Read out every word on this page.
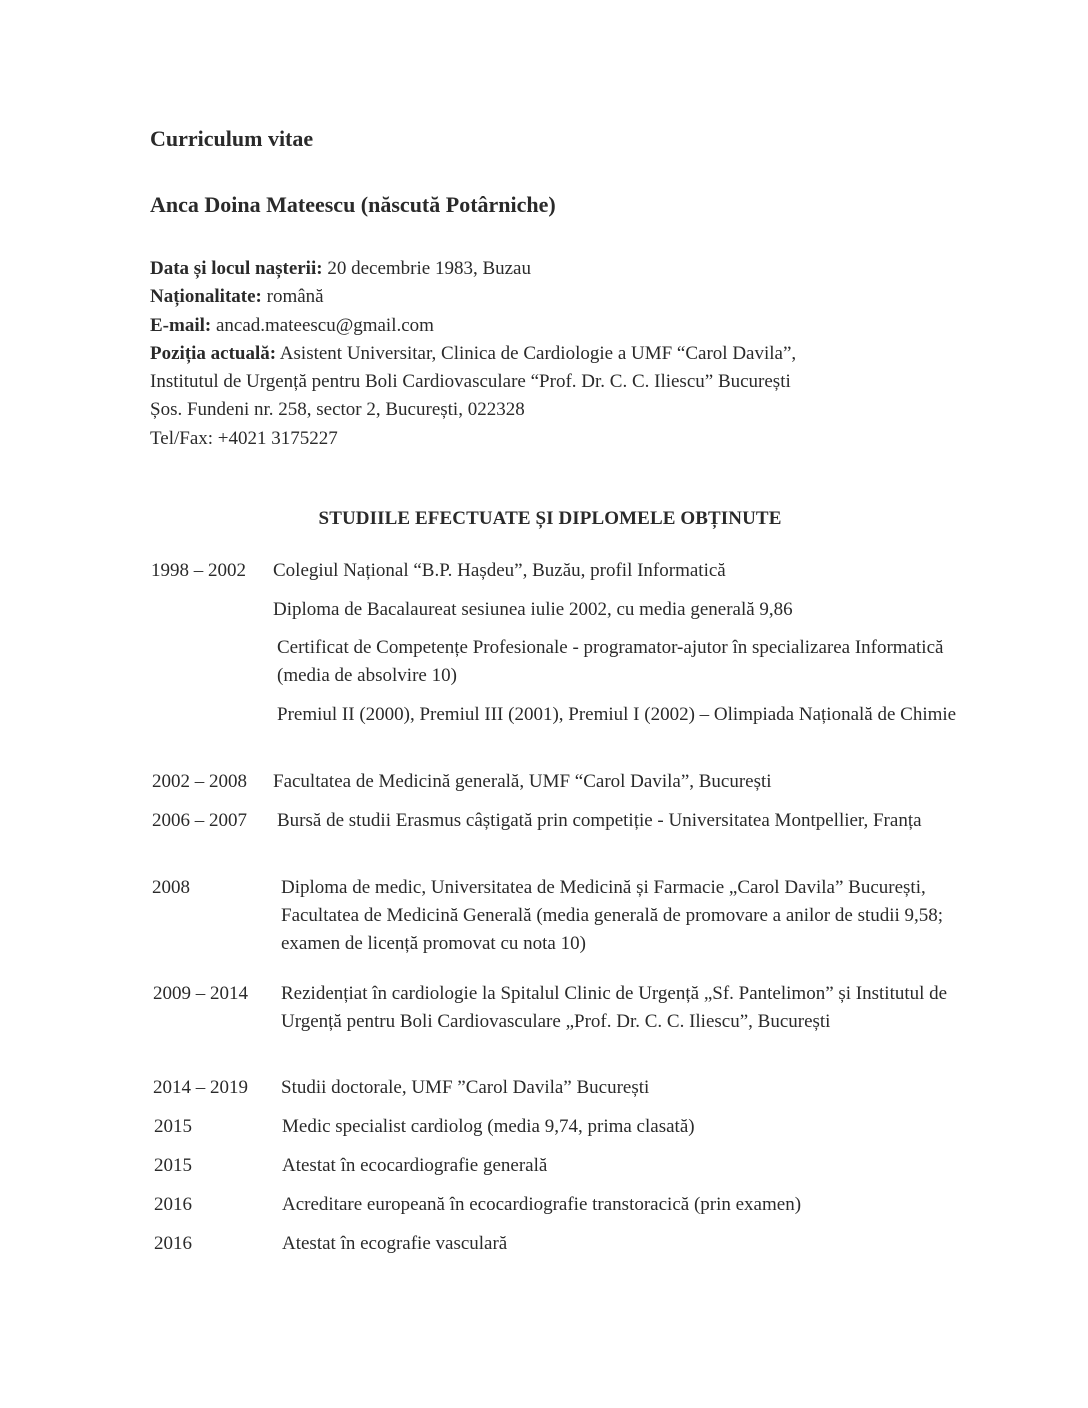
Curriculum vitae
Anca Doina Mateescu (născută Potârniche)
Data și locul nașterii: 20 decembrie 1983, Buzau
Naționalitate: română
E-mail: ancad.mateescu@gmail.com
Poziția actuală: Asistent Universitar, Clinica de Cardiologie a UMF “Carol Davila”,
Institutul de Urgență pentru Boli Cardiovasculare “Prof. Dr. C. C. Iliescu” București
Șos. Fundeni nr. 258, sector 2, București, 022328
Tel/Fax: +4021 3175227
STUDIILE EFECTUATE ȘI DIPLOMELE OBȚINUTE
1998 – 2002 Colegiul Național “B.P. Hașdeu”, Buzău, profil Informatică
Diploma de Bacalaureat sesiunea iulie 2002, cu media generală 9,86
Certificat de Competențe Profesionale - programator-ajutor în specializarea Informatică (media de absolvire 10)
Premiul II (2000), Premiul III (2001), Premiul I (2002) – Olimpiada Națională de Chimie
2002 – 2008 Facultatea de Medicină generală, UMF “Carol Davila”, București
2006 – 2007 Bursă de studii Erasmus câștigată prin competiție - Universitatea Montpellier, Franța
2008	Diploma de medic, Universitatea de Medicină și Farmacie „Carol Davila” București, Facultatea de Medicină Generală (media generală de promovare a anilor de studii 9,58; examen de licență promovat cu nota 10)
2009 – 2014 Rezidențiat în cardiologie la Spitalul Clinic de Urgență „Sf. Pantelimon” și Institutul de Urgență pentru Boli Cardiovasculare „Prof. Dr. C. C. Iliescu”, București
2014 – 2019 Studii doctorale, UMF ”Carol Davila” București
2015	Medic specialist cardiolog (media 9,74, prima clasată)
2015	Atestat în ecocardiografie generală
2016	Acreditare europeană în ecocardiografie transtoracică (prin examen)
2016	Atestat în ecografie vasculară
